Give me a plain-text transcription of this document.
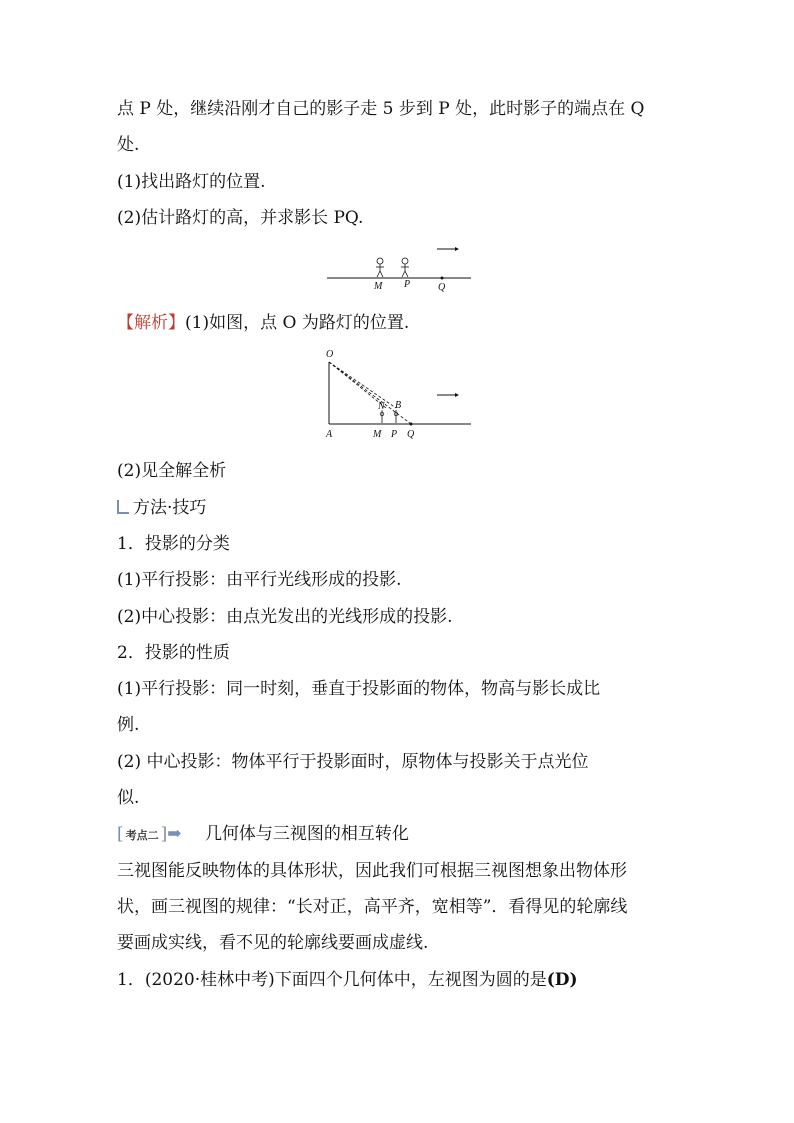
点 P 处，继续沿刚才自己的影子走 5 步到 P 处，此时影子的端点在 Q
处.
(1)找出路灯的位置.
(2)估计路灯的高，并求影长 PQ.
M P	Q
【解析】(1)如图，点 O 为路灯的位置.
O
A
N B
M P Q
(2)见全解全析
方法·技巧
1．投影的分类
(1)平行投影：由平行光线形成的投影.
(2)中心投影：由点光发出的光线形成的投影.
2．投影的性质
(1)平行投影：同一时刻，垂直于投影面的物体，物高与影长成比
例.
(2) 中心投影：物体平行于投影面时，原物体与投影关于点光位
似.
[ 考点二 ]➡ 几何体与三视图的相互转化
三视图能反映物体的具体形状，因此我们可根据三视图想象出物体形
状，画三视图的规律：“长对正，高平齐，宽相等”．看得见的轮廓线
要画成实线，看不见的轮廓线要画成虚线.
1．(2020·桂林中考)下面四个几何体中，左视图为圆的是(D)
